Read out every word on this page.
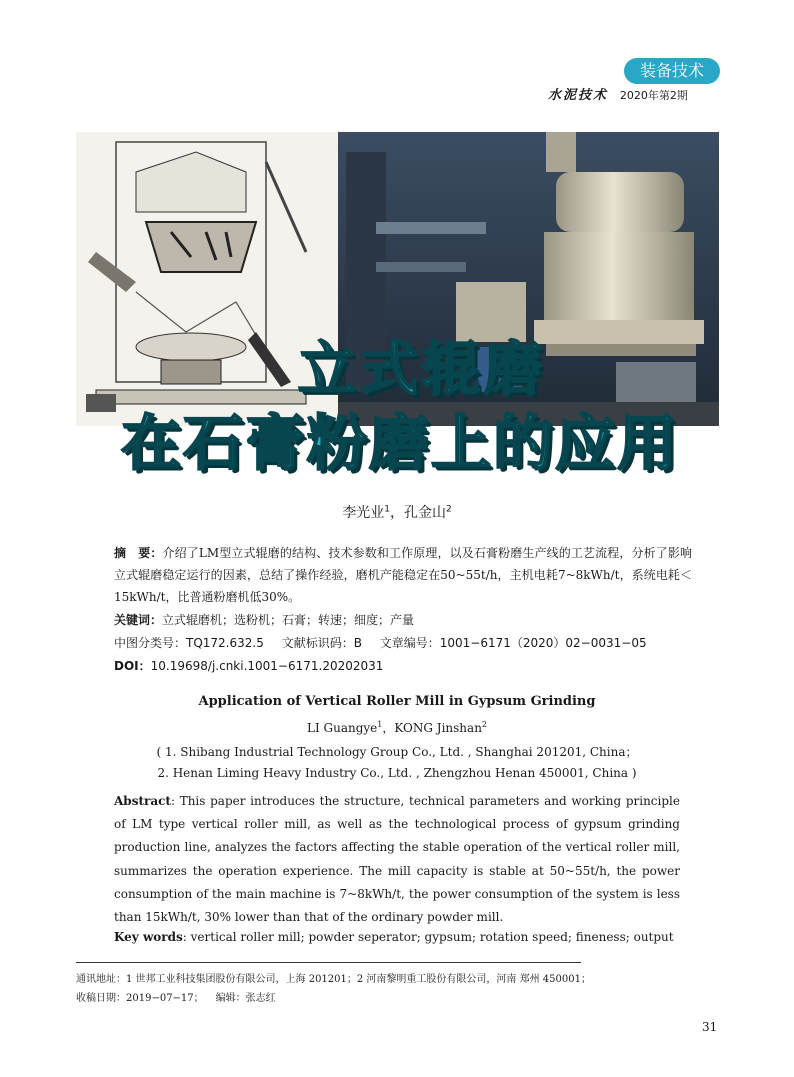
装备技术
水泥技术 2020年第2期
立式辊磨
在石膏粉磨上的应用
李光业$^1$，孔金山$^2$
摘　要：介绍了LM型立式辊磨的结构、技术参数和工作原理，以及石膏粉磨生产线的工艺流程，分析了影响立式辊磨稳定运行的因素，总结了操作经验，磨机产能稳定在50~55t/h，主机电耗7~8kWh/t，系统电耗＜15kWh/t，比普通粉磨机低30%。
关键词：立式辊磨机；选粉机；石膏；转速；细度；产量
中图分类号：TQ172.632.5 文献标识码：B 文章编号：1001−6171（2020）02−0031−05
DOI：10.19698/j.cnki.1001−6171.20202031
Application of Vertical Roller Mill in Gypsum Grinding
LI Guangye$^1$，KONG Jinshan$^2$
( 1. Shibang Industrial Technology Group Co., Ltd. , Shanghai 201201, China；
2. Henan Liming Heavy Industry Co., Ltd. , Zhengzhou Henan 450001, China )
Abstract: This paper introduces the structure, technical parameters and working principle of LM type vertical roller mill, as well as the technological process of gypsum grinding production line, analyzes the factors affecting the stable operation of the vertical roller mill, summarizes the operation experience. The mill capacity is stable at 50~55t/h, the power consumption of the main machine is 7~8kWh/t, the power consumption of the system is less than 15kWh/t, 30% lower than that of the ordinary powder mill.
Key words: vertical roller mill; powder seperator; gypsum; rotation speed; fineness; output
通讯地址：1 世邦工业科技集团股份有限公司，上海 201201；2 河南黎明重工股份有限公司，河南 郑州 450001；
收稿日期：2019−07−17； 编辑：张志红
31
